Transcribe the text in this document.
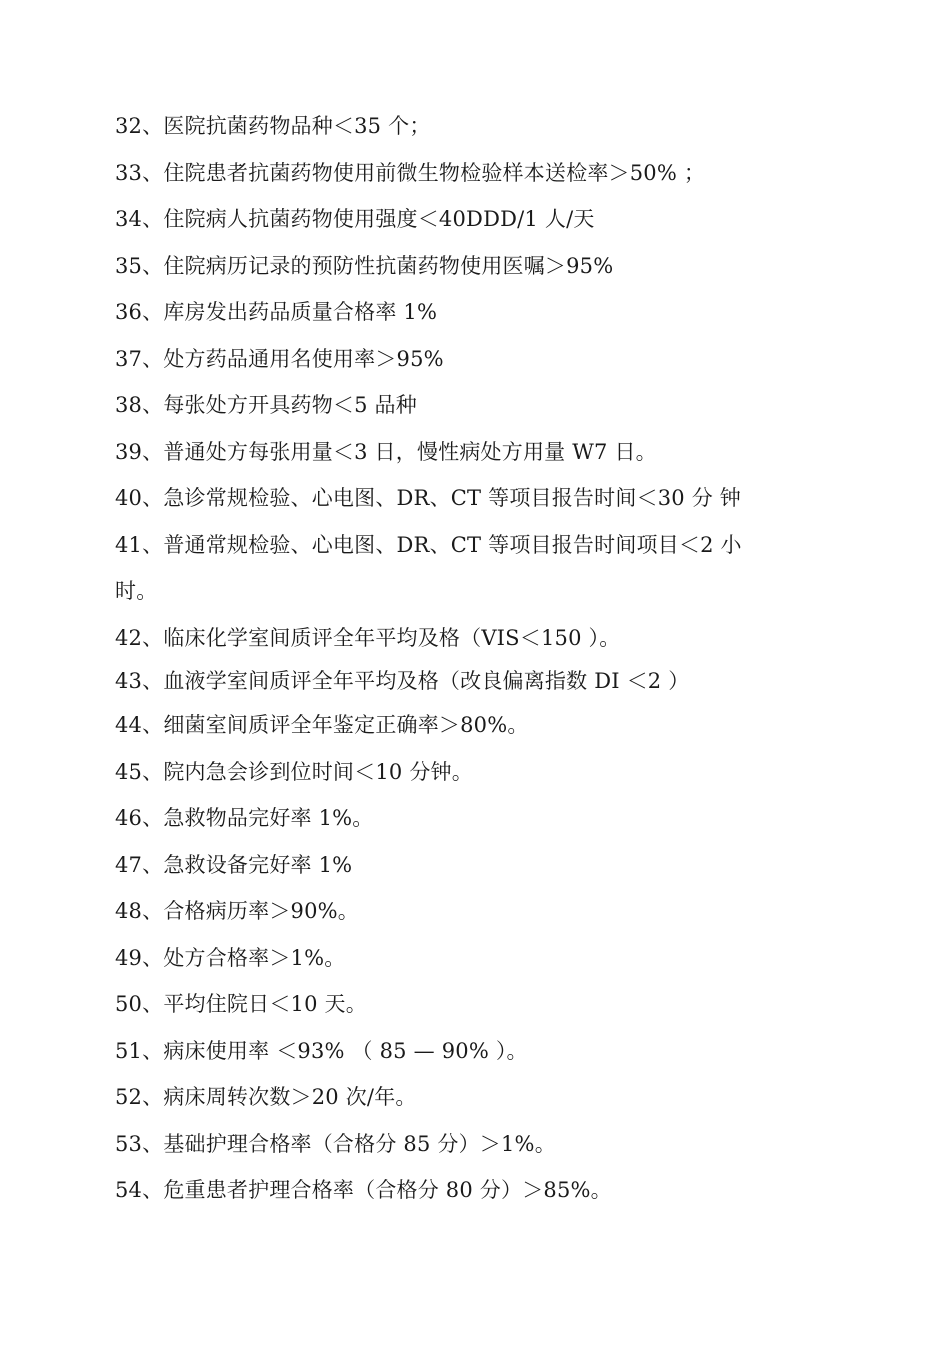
32、医院抗菌药物品种＜35 个；
33、住院患者抗菌药物使用前微生物检验样本送检率＞50% ；
34、住院病人抗菌药物使用强度＜40DDD/1 人/天
35、住院病历记录的预防性抗菌药物使用医嘱＞95%
36、库房发出药品质量合格率 1%
37、处方药品通用名使用率＞95%
38、每张处方开具药物＜5 品种
39、普通处方每张用量＜3 日，慢性病处方用量 W7 日。
40、急诊常规检验、心电图、DR、CT 等项目报告时间＜30 分 钟
41、普通常规检验、心电图、DR、CT 等项目报告时间项目＜2 小
时。
42、临床化学室间质评全年平均及格（VIS＜150 ）。
43、血液学室间质评全年平均及格（改良偏离指数 DI ＜2 ）
44、细菌室间质评全年鉴定正确率＞80%。
45、院内急会诊到位时间＜10 分钟。
46、急救物品完好率 1%。
47、急救设备完好率 1%
48、合格病历率＞90%。
49、处方合格率＞1%。
50、平均住院日＜10 天。
51、病床使用率 ＜93% （ 85 — 90% ）。
52、病床周转次数＞20 次/年。
53、基础护理合格率（合格分 85 分）＞1%。
54、危重患者护理合格率（合格分 80 分）＞85%。
